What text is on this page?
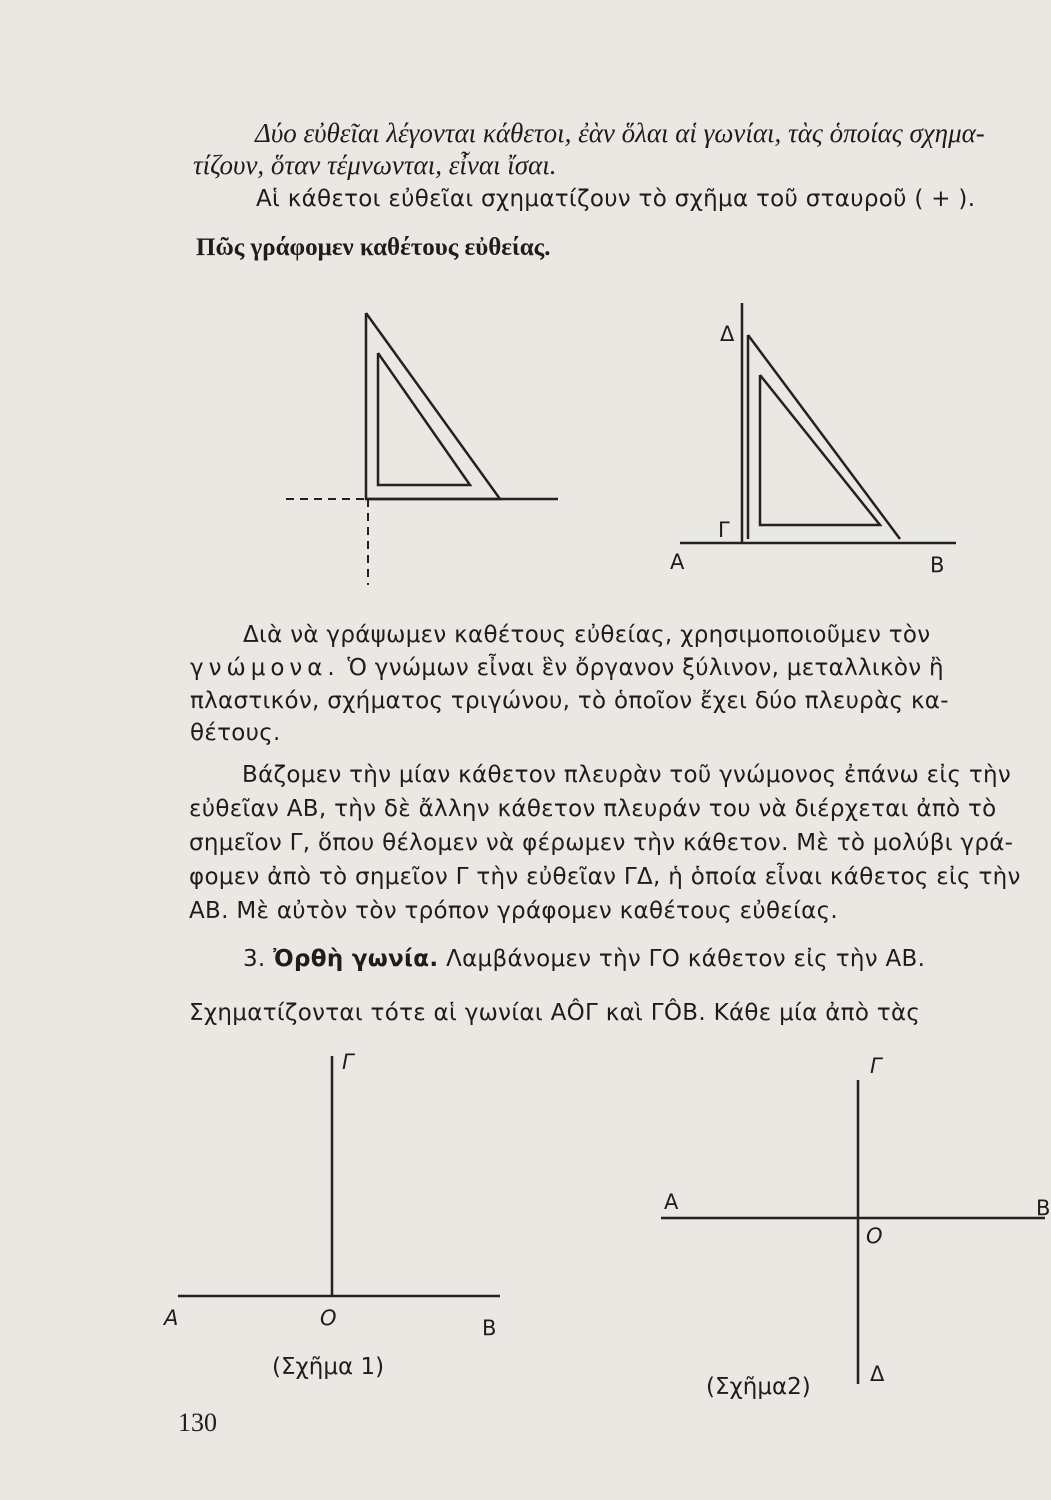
Δύο εὐθεῖαι λέγονται κάθετοι, ἐὰν ὅλαι αἱ γωνίαι, τὰς ὁποίας σχημα-
τίζουν, ὅταν τέμνωνται, εἶναι ἴσαι.
Αἱ κάθετοι εὐθεῖαι σχηματίζουν τὸ σχῆμα τοῦ σταυροῦ ( + ).
Πῶς γράφομεν καθέτους εὐθείας.
Δ
Γ
Α	Β
Διὰ νὰ γράψωμεν καθέτους εὐθείας, χρησιμοποιοῦμεν τὸν
γνώμονα. Ὁ γνώμων εἶναι ἓν ὄργανον ξύλινον, μεταλλικὸν ἢ
πλαστικόν, σχήματος τριγώνου, τὸ ὁποῖον ἔχει δύο πλευρὰς κα-
θέτους.
Βάζομεν τὴν μίαν κάθετον πλευρὰν τοῦ γνώμονος ἐπάνω εἰς τὴν
εὐθεῖαν ΑΒ, τὴν δὲ ἄλλην κάθετον πλευράν του νὰ διέρχεται ἀπὸ τὸ
σημεῖον Γ, ὅπου θέλομεν νὰ φέρωμεν τὴν κάθετον. Μὲ τὸ μολύβι γρά-
φομεν ἀπὸ τὸ σημεῖον Γ τὴν εὐθεῖαν ΓΔ, ἡ ὁποία εἶναι κάθετος εἰς τὴν
ΑΒ. Μὲ αὐτὸν τὸν τρόπον γράφομεν καθέτους εὐθείας.
3. Ὀρθὴ γωνία. Λαμβάνομεν τὴν ΓΟ κάθετον εἰς τὴν ΑΒ.
Σχηματίζονται τότε αἱ γωνίαι ΑÔΓ καὶ ΓÔΒ. Κάθε μία ἀπὸ τὰς
Γ
Α	Ο	Β
(Σχῆμα 1)
Γ
Α
Ο
Β
Δ
(Σχῆμα2)
130
